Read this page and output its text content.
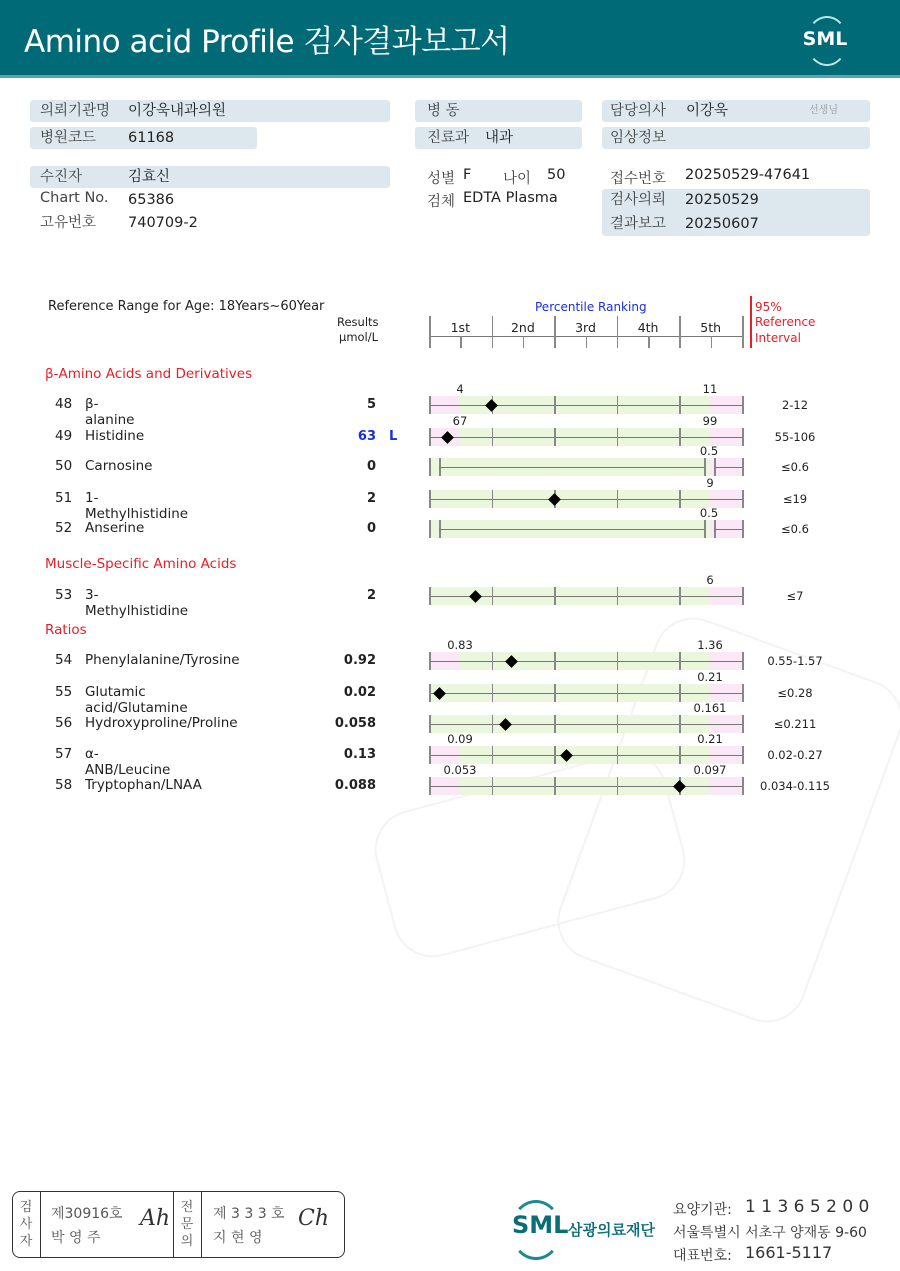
Amino acid Profile 검사결과보고서	SML
의뢰기관명 이강욱내과의원
병원코드 61168
병 동
진료과 내과
담당의사 이강욱	선생님
임상정보
수진자	김효신
Chart No. 65386
고유번호 740709-2
성별 F 나이 50
검체 EDTA Plasma
접수번호 20250529-47641
검사의뢰 20250529
결과보고 20250607
Reference Range for Age: 18Years~60Year
Results
μmol/L
Percentile Ranking
1st	2nd	3rd	4th	5th
95%
Reference
Interval
β-Amino Acids and Derivatives
Muscle-Specific Amino Acids
Ratios
48 β-alanine
5	2-12
4	11
49 Histidine	63 L	55-106
67	99
50 Carnosine	0	≤0.6
0.5
51 1-Methylhistidine
2	≤19
9
52 Anserine	0	≤0.6
0.5
53 3-Methylhistidine
2	≤7
6
54 Phenylalanine/Tyrosine	0.92	0.55-1.57
0.83	1.36
55 Glutamic acid/Glutamine
0.02	≤0.28
0.21
56 Hydroxyproline/Proline	0.058	≤0.211
0.161
57 α-ANB/Leucine
0.13	0.02-0.27
0.09	0.21
58 Tryptophan/LNAA	0.088	0.034-0.115
0.053	0.097
검사자
제30916호
박 영 주
Ah 전문의
제 3 3 3 호
지 현 영
Ch	SML 삼광의료재단
요양기관: 1 1 3 6 5 2 0 0
서울특별시 서초구 양재동 9-60
대표번호: 1661-5117
